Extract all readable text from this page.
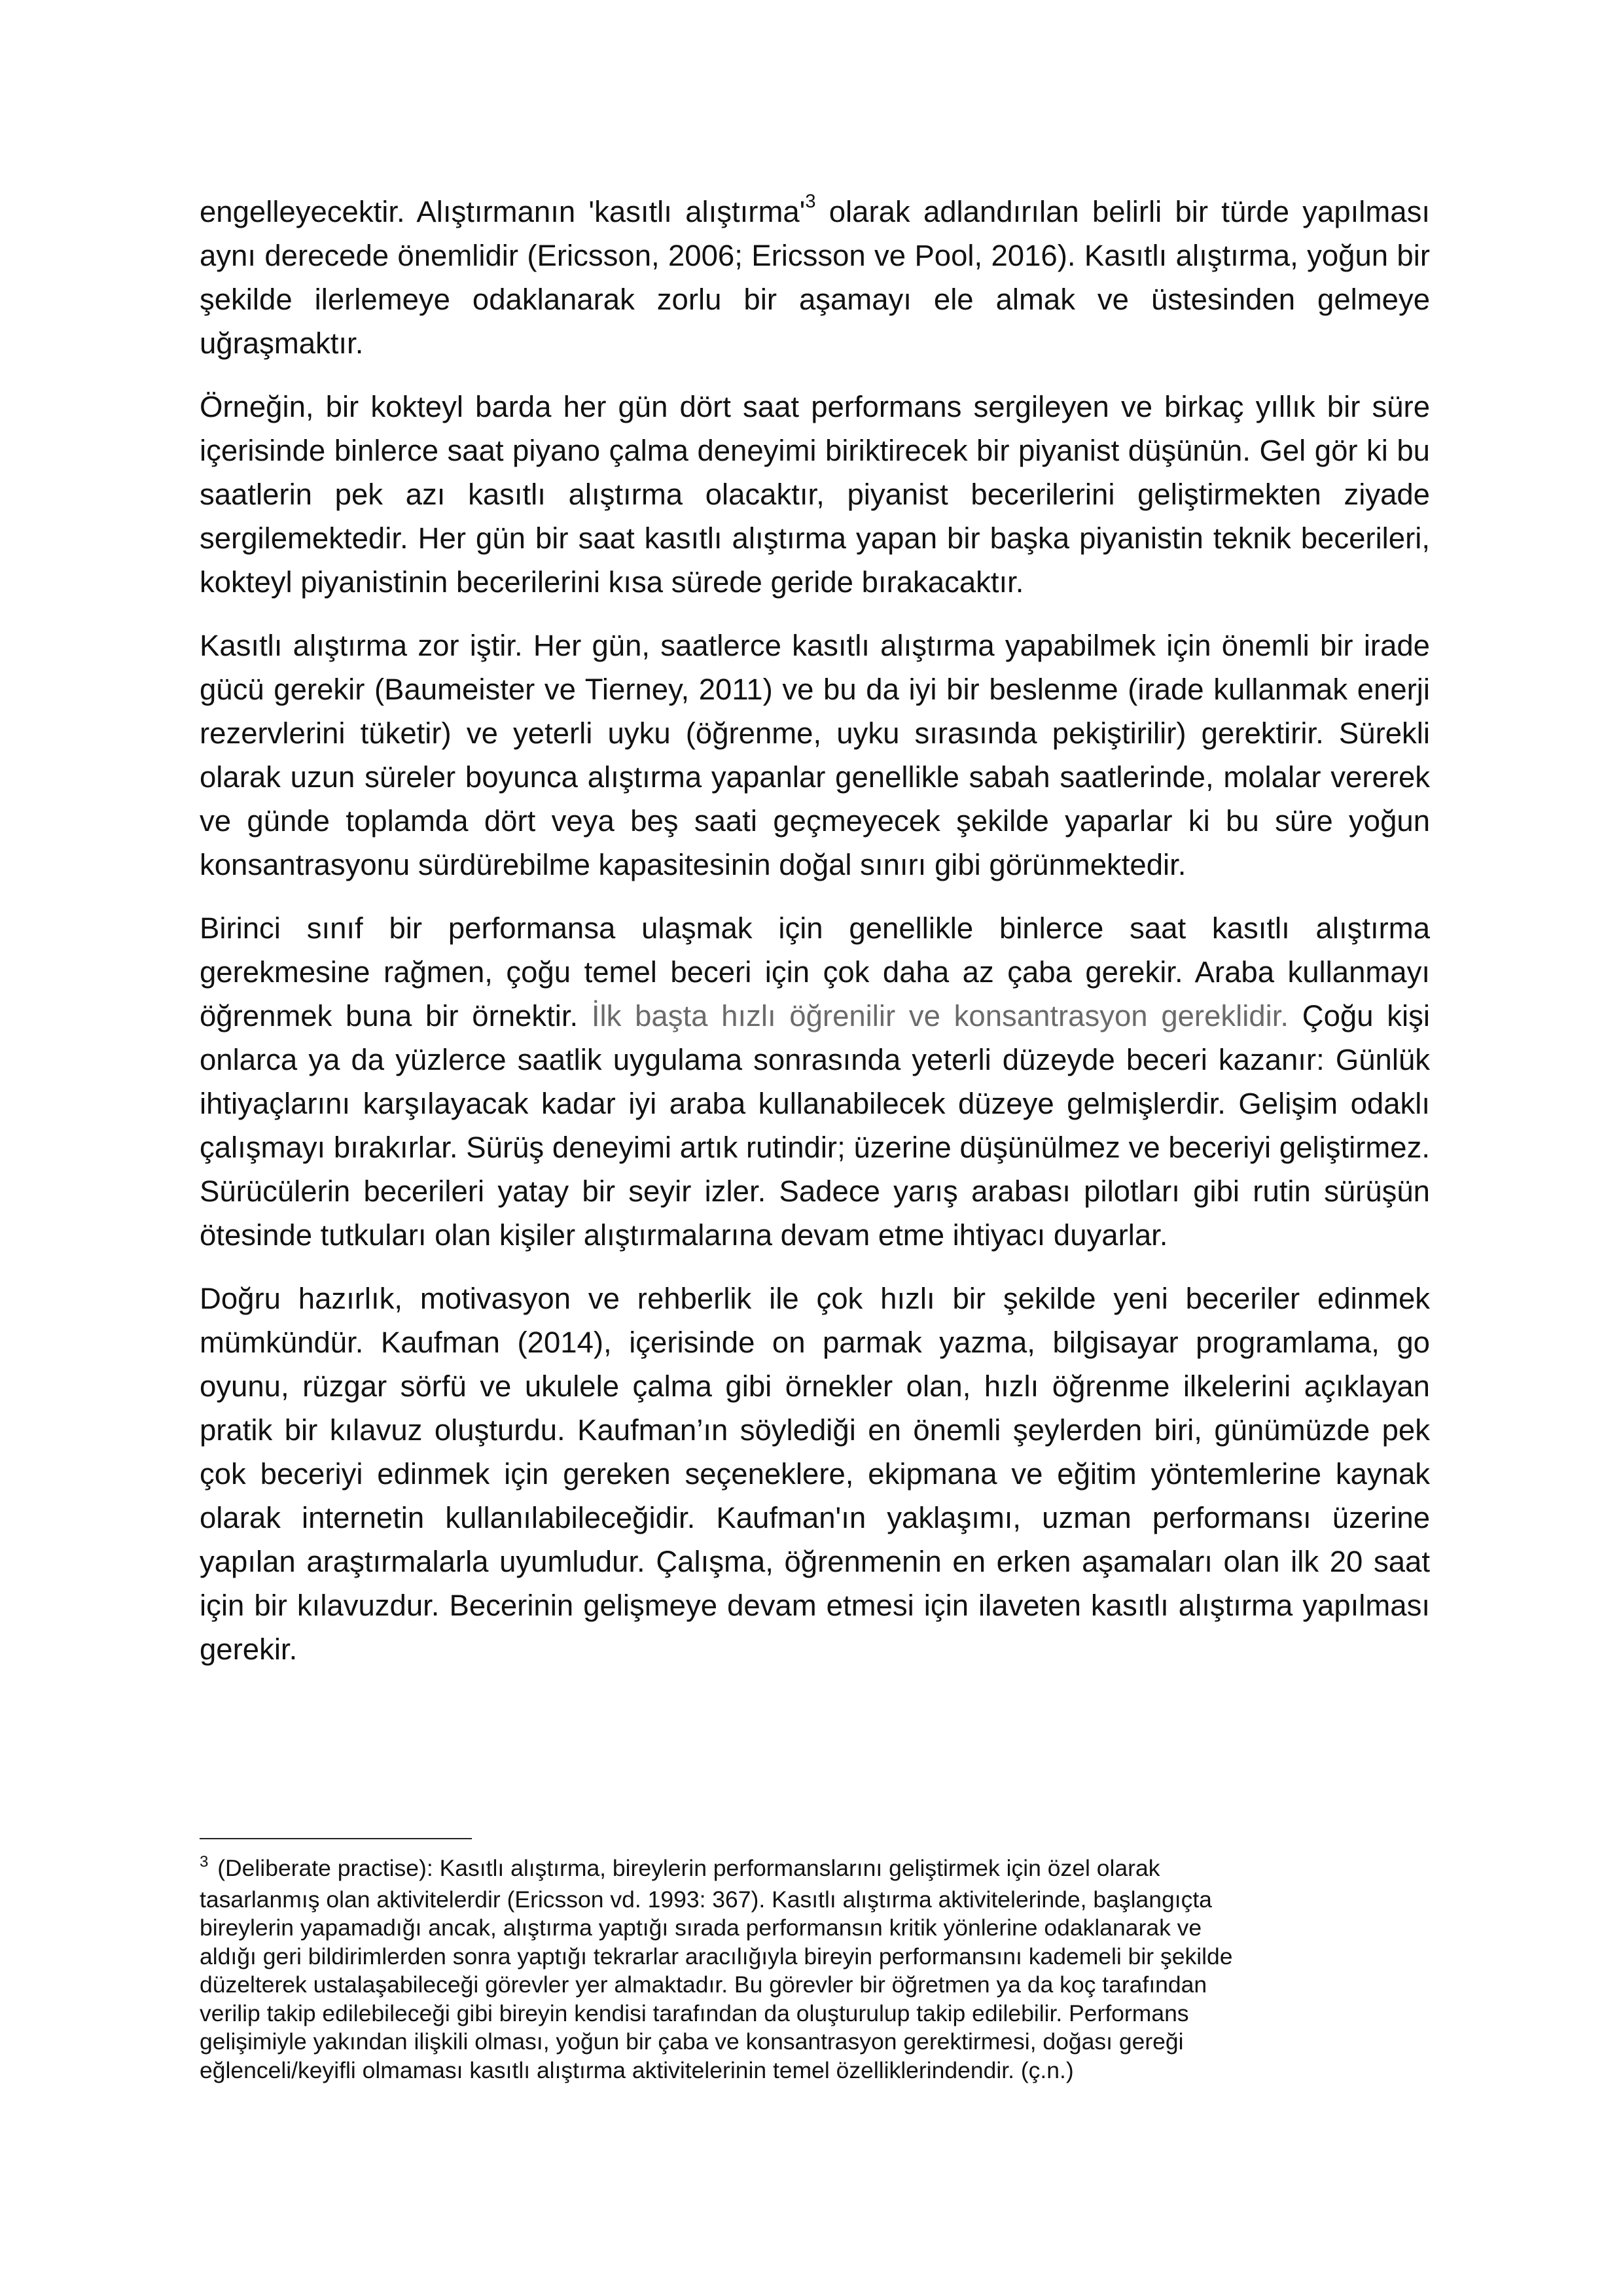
engelleyecektir. Alıştırmanın 'kasıtlı $alıştırma'^3$ olarak adlandırılan belirli bir türde yapılması aynı derecede önemlidir (Ericsson, 2006; Ericsson ve Pool, 2016). Kasıtlı alıştırma, yoğun bir şekilde ilerlemeye odaklanarak zorlu bir aşamayı ele almak ve üstesinden gelmeye uğraşmaktır.

Örneğin, bir kokteyl barda her gün dört saat performans sergileyen ve birkaç yıllık bir süre içerisinde binlerce saat piyano çalma deneyimi biriktirecek bir piyanist düşünün. Gel gör ki bu saatlerin pek azı kasıtlı alıştırma olacaktır, piyanist becerilerini geliştirmekten ziyade sergilemektedir. Her gün bir saat kasıtlı alıştırma yapan bir başka piyanistin teknik becerileri, kokteyl piyanistinin becerilerini kısa sürede geride bırakacaktır.

Kasıtlı alıştırma zor iştir. Her gün, saatlerce kasıtlı alıştırma yapabilmek için önemli bir irade gücü gerekir (Baumeister ve Tierney, 2011) ve bu da iyi bir beslenme (irade kullanmak enerji rezervlerini tüketir) ve yeterli uyku (öğrenme, uyku sırasında pekiştirilir) gerektirir. Sürekli olarak uzun süreler boyunca alıştırma yapanlar genellikle sabah saatlerinde, molalar vererek ve günde toplamda dört veya beş saati geçmeyecek şekilde yaparlar ki bu süre yoğun konsantrasyonu sürdürebilme kapasitesinin doğal sınırı gibi görünmektedir.

Birinci sınıf bir performansa ulaşmak için genellikle binlerce saat kasıtlı alıştırma gerekmesine rağmen, çoğu temel beceri için çok daha az çaba gerekir. Araba kullanmayı öğrenmek buna bir örnektir. İlk başta hızlı öğrenilir ve konsantrasyon gereklidir. Çoğu kişi onlarca ya da yüzlerce saatlik uygulama sonrasında yeterli düzeyde beceri kazanır: Günlük ihtiyaçlarını karşılayacak kadar iyi araba kullanabilecek düzeye gelmişlerdir. Gelişim odaklı çalışmayı bırakırlar. Sürüş deneyimi artık rutindir; üzerine düşünülmez ve beceriyi geliştirmez. Sürücülerin becerileri yatay bir seyir izler. Sadece yarış arabası pilotları gibi rutin sürüşün ötesinde tutkuları olan kişiler alıştırmalarına devam etme ihtiyacı duyarlar.

Doğru hazırlık, motivasyon ve rehberlik ile çok hızlı bir şekilde yeni beceriler edinmek mümkündür. Kaufman (2014), içerisinde on parmak yazma, bilgisayar programlama, go oyunu, rüzgar sörfü ve ukulele çalma gibi örnekler olan, hızlı öğrenme ilkelerini açıklayan pratik bir kılavuz oluşturdu. Kaufman’ın söylediği en önemli şeylerden biri, günümüzde pek çok beceriyi edinmek için gereken seçeneklere, ekipmana ve eğitim yöntemlerine kaynak olarak internetin kullanılabileceğidir. Kaufman'ın yaklaşımı, uzman performansı üzerine yapılan araştırmalarla uyumludur. Çalışma, öğrenmenin en erken aşamaları olan ilk 20 saat için bir kılavuzdur. Becerinin gelişmeye devam etmesi için ilaveten kasıtlı alıştırma yapılması gerekir.

$^3$ (Deliberate practise): Kasıtlı alıştırma, bireylerin performanslarını geliştirmek için özel olarak
tasarlanmış olan aktivitelerdir (Ericsson vd. 1993: 367). Kasıtlı alıştırma aktivitelerinde, başlangıçta
bireylerin yapamadığı ancak, alıştırma yaptığı sırada performansın kritik yönlerine odaklanarak ve
aldığı geri bildirimlerden sonra yaptığı tekrarlar aracılığıyla bireyin performansını kademeli bir şekilde
düzelterek ustalaşabileceği görevler yer almaktadır. Bu görevler bir öğretmen ya da koç tarafından
verilip takip edilebileceği gibi bireyin kendisi tarafından da oluşturulup takip edilebilir. Performans
gelişimiyle yakından ilişkili olması, yoğun bir çaba ve konsantrasyon gerektirmesi, doğası gereği
eğlenceli/keyifli olmaması kasıtlı alıştırma aktivitelerinin temel özelliklerindendir. (ç.n.)
